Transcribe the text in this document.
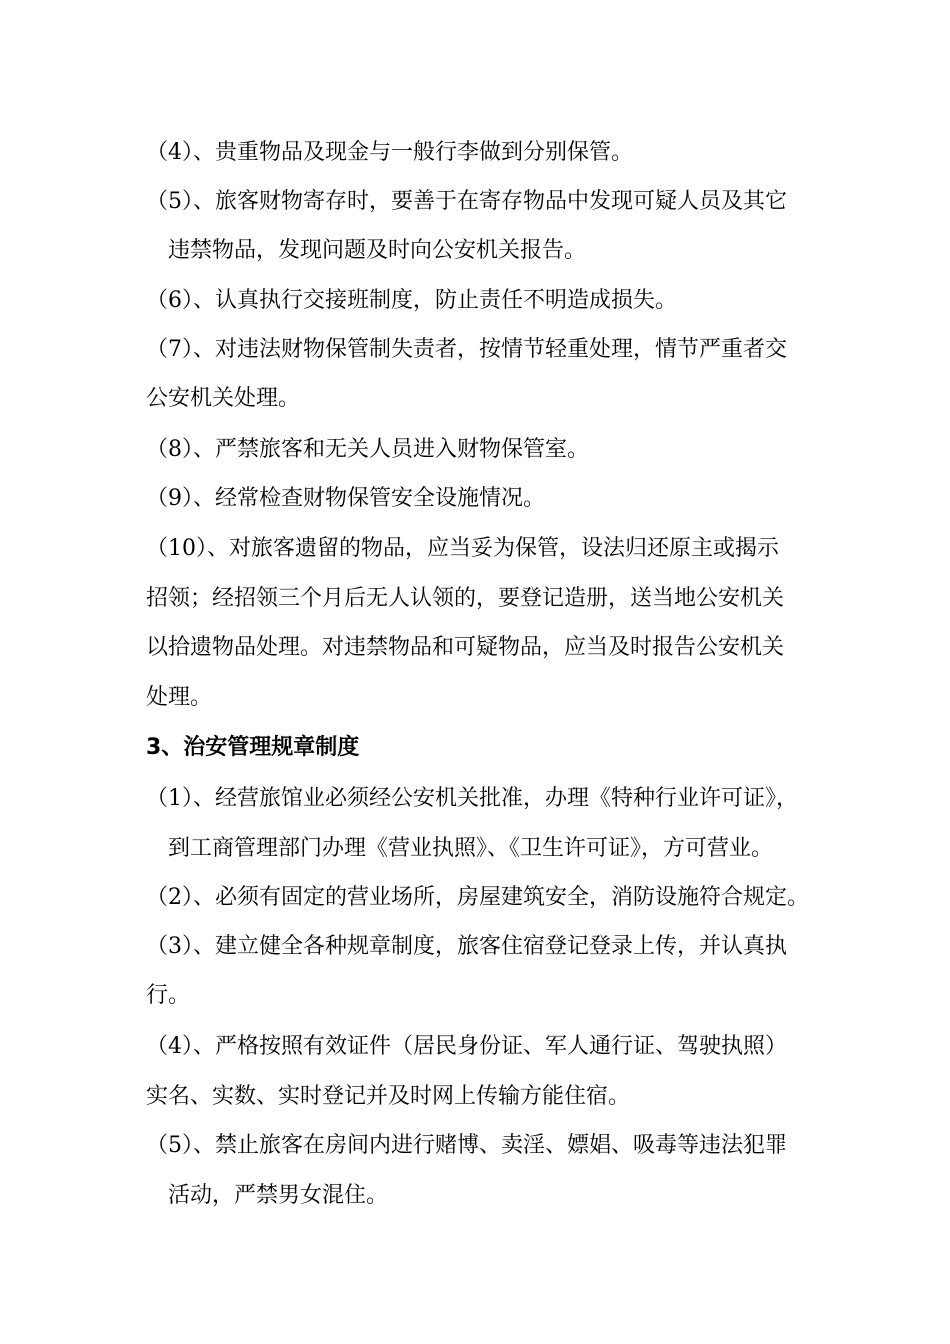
（4）、贵重物品及现金与一般行李做到分别保管。
（5）、旅客财物寄存时，要善于在寄存物品中发现可疑人员及其它
违禁物品，发现问题及时向公安机关报告。
（6）、认真执行交接班制度，防止责任不明造成损失。
（7）、对违法财物保管制失责者，按情节轻重处理，情节严重者交
公安机关处理。
（8）、严禁旅客和无关人员进入财物保管室。
（9）、经常检查财物保管安全设施情况。
（10）、对旅客遗留的物品，应当妥为保管，设法归还原主或揭示
招领；经招领三个月后无人认领的，要登记造册，送当地公安机关
以拾遗物品处理。对违禁物品和可疑物品，应当及时报告公安机关
处理。
3、治安管理规章制度
（1）、经营旅馆业必须经公安机关批准，办理《特种行业许可证》，
到工商管理部门办理《营业执照》、《卫生许可证》，方可营业。
（2）、必须有固定的营业场所，房屋建筑安全，消防设施符合规定。
（3）、建立健全各种规章制度，旅客住宿登记登录上传，并认真执
行。
（4）、严格按照有效证件（居民身份证、军人通行证、驾驶执照）
实名、实数、实时登记并及时网上传输方能住宿。
（5）、禁止旅客在房间内进行赌博、卖淫、嫖娼、吸毒等违法犯罪
活动，严禁男女混住。
